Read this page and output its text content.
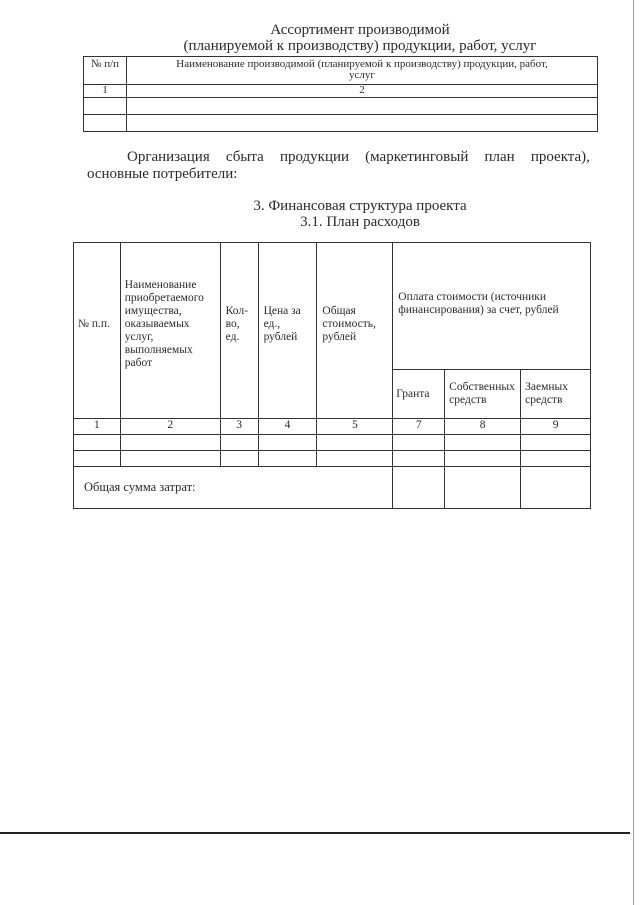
Ассортимент производимой
(планируемой к производству) продукции, работ, услуг
№ п/п	Наименование производимой (планируемой к производству) продукции, работ, услуг
1	2

Организация сбыта продукции (маркетинговый план проекта),
основные потребители:
3. Финансовая структура проекта
3.1. План расходов
№ п.п.	Наименование приобретаемого имущества, оказываемых услуг, выполняемых работ	Кол-во, ед.	Цена за ед., рублей	Общая стоимость, рублей	Оплата стоимости (источники финансирования) за счет, рублей		
					Гранта	Собственных средств	Заемных средств
1	2	3	4	5	7	8	9

Общая сумма затрат:							
